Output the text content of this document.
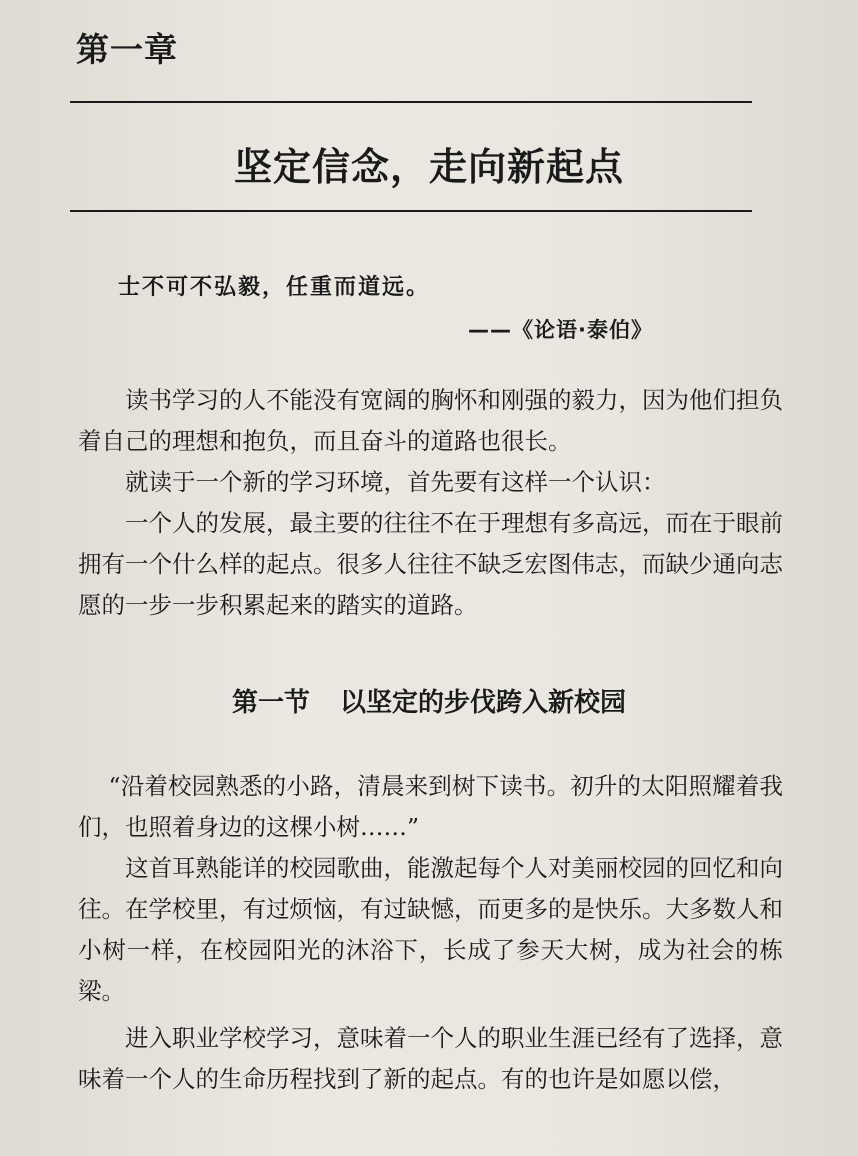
第一章
坚定信念，走向新起点
士不可不弘毅，任重而道远。
——《论语·泰伯》

读书学习的人不能没有宽阔的胸怀和刚强的毅力，因为他们担负着自己的理想和抱负，而且奋斗的道路也很长。

就读于一个新的学习环境，首先要有这样一个认识：

一个人的发展，最主要的往往不在于理想有多高远，而在于眼前拥有一个什么样的起点。很多人往往不缺乏宏图伟志，而缺少通向志愿的一步一步积累起来的踏实的道路。

第一节 以坚定的步伐跨入新校园

“沿着校园熟悉的小路，清晨来到树下读书。初升的太阳照耀着我们，也照着身边的这棵小树……”

这首耳熟能详的校园歌曲，能激起每个人对美丽校园的回忆和向往。在学校里，有过烦恼，有过缺憾，而更多的是快乐。大多数人和小树一样，在校园阳光的沐浴下，长成了参天大树，成为社会的栋梁。

进入职业学校学习，意味着一个人的职业生涯已经有了选择，意味着一个人的生命历程找到了新的起点。有的也许是如愿以偿，
